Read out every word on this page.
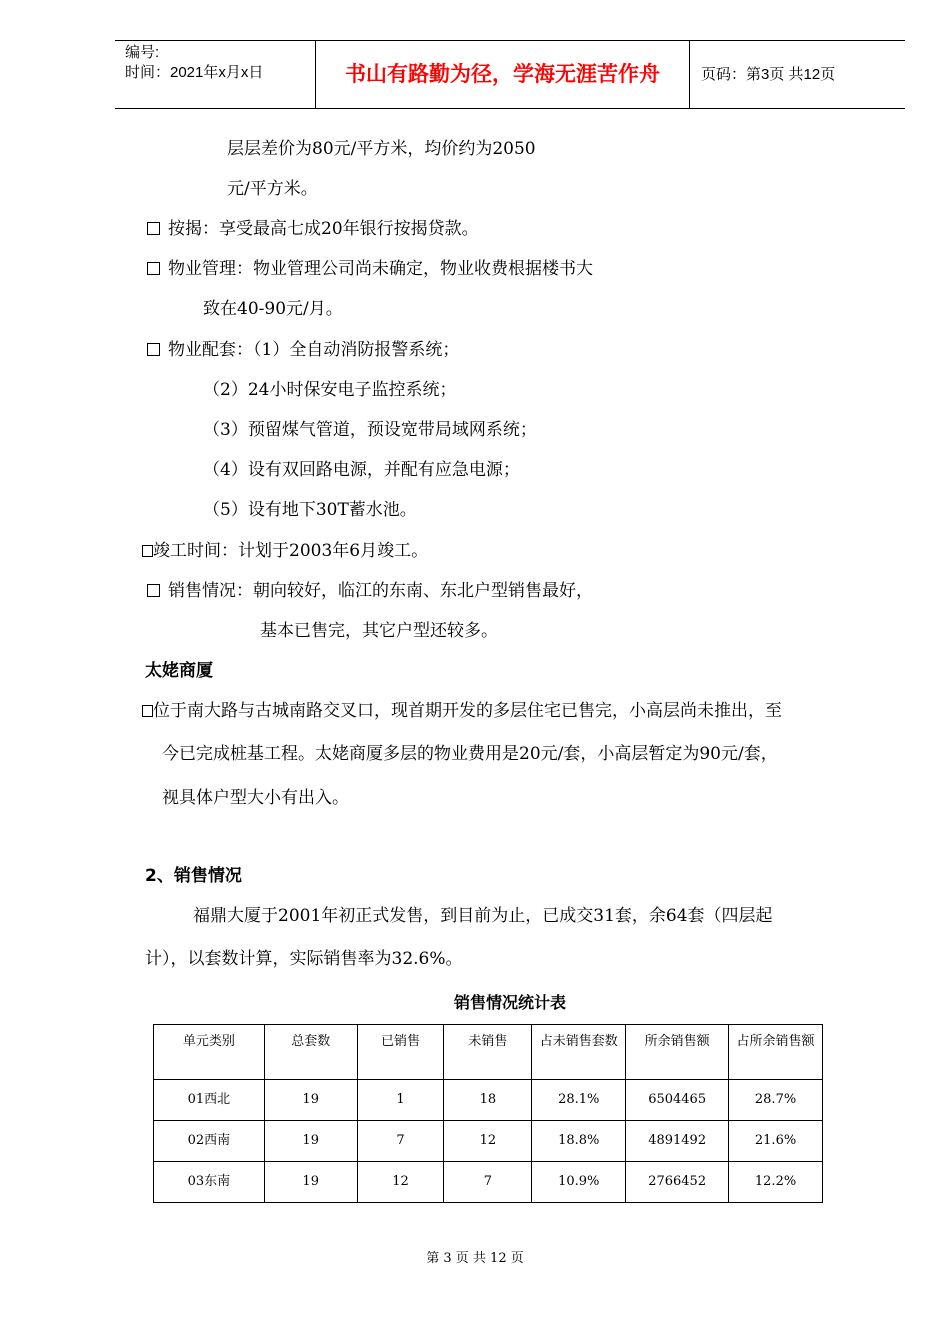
编号:
时间：2021年x月x日	书山有路勤为径，学海无涯苦作舟	页码：第3页 共12页
层层差价为80元/平方米，均价约为2050
元/平方米。
按揭：享受最高七成20年银行按揭贷款。
物业管理：物业管理公司尚未确定，物业收费根据楼书大
致在40-90元/月。
物业配套：（1）全自动消防报警系统；
（2）24小时保安电子监控系统；
（3）预留煤气管道，预设宽带局域网系统；
（4）设有双回路电源，并配有应急电源；
（5）设有地下30T蓄水池。
竣工时间：计划于2003年6月竣工。
销售情况：朝向较好，临江的东南、东北户型销售最好，
基本已售完，其它户型还较多。
太姥商厦
位于南大路与古城南路交叉口，现首期开发的多层住宅已售完，小高层尚未推出，至
今已完成桩基工程。太姥商厦多层的物业费用是20元/套，小高层暂定为90元/套，
视具体户型大小有出入。
2、销售情况
福鼎大厦于2001年初正式发售，到目前为止，已成交31套，余64套（四层起
计），以套数计算，实际销售率为32.6%。
销售情况统计表
单元类别	总套数	已销售	未销售	占未销售套数	所余销售额	占所余销售额
01西北	19	1	18	28.1%	6504465	28.7%
02西南	19	7	12	18.8%	4891492	21.6%
03东南	19	12	7	10.9%	2766452	12.2%
第 3 页 共 12 页
